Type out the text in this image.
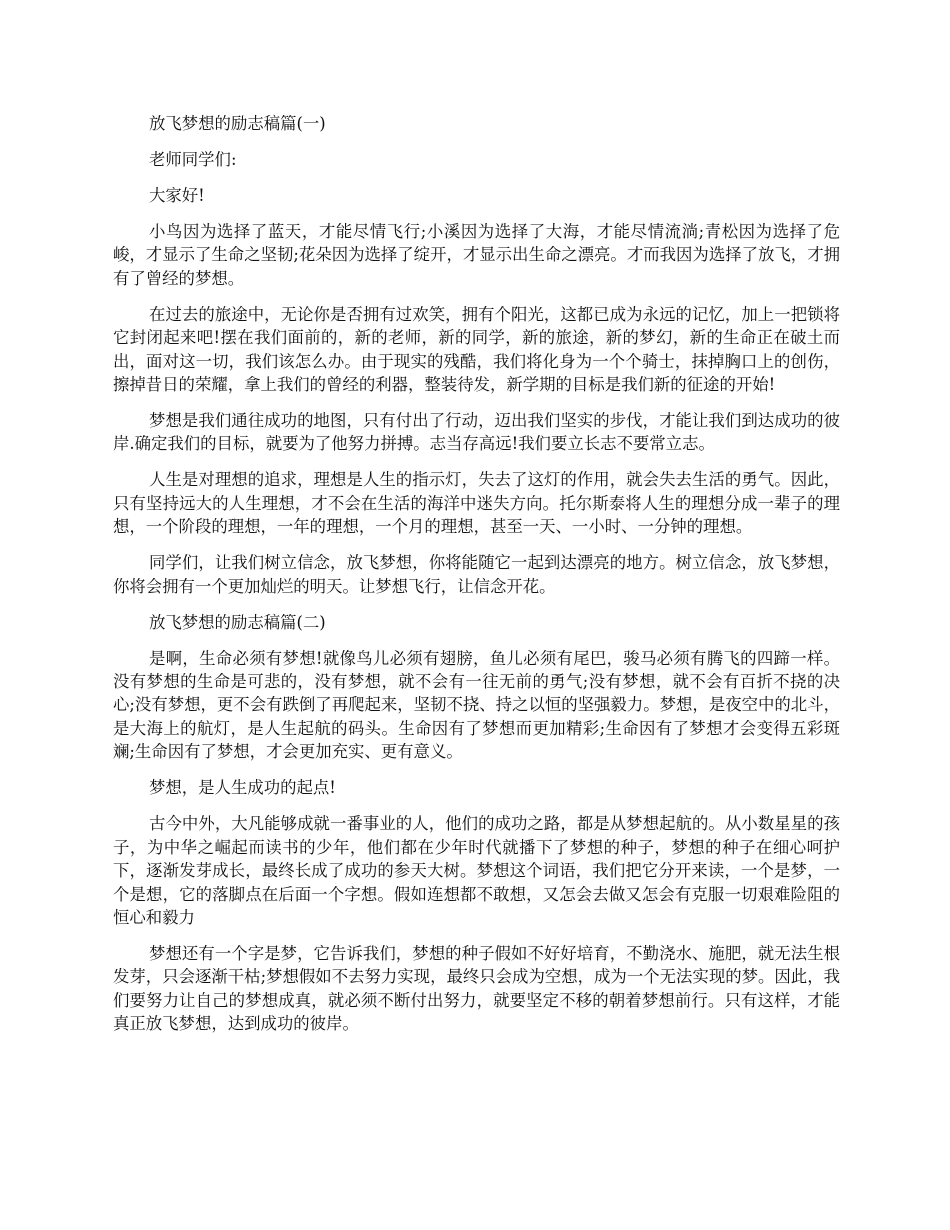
放飞梦想的励志稿篇(一)

老师同学们:

大家好!

小鸟因为选择了蓝天，才能尽情飞行;小溪因为选择了大海，才能尽情流淌;青松因为选择了危峻，才显示了生命之坚韧;花朵因为选择了绽开，才显示出生命之漂亮。才而我因为选择了放飞，才拥有了曾经的梦想。

在过去的旅途中，无论你是否拥有过欢笑，拥有个阳光，这都已成为永远的记忆，加上一把锁将它封闭起来吧!摆在我们面前的，新的老师，新的同学，新的旅途，新的梦幻，新的生命正在破土而出，面对这一切，我们该怎么办。由于现实的残酷，我们将化身为一个个骑士，抹掉胸口上的创伤，擦掉昔日的荣耀，拿上我们的曾经的利器，整装待发，新学期的目标是我们新的征途的开始!

梦想是我们通往成功的地图，只有付出了行动，迈出我们坚实的步伐，才能让我们到达成功的彼岸.确定我们的目标，就要为了他努力拼搏。志当存高远!我们要立长志不要常立志。

人生是对理想的追求，理想是人生的指示灯，失去了这灯的作用，就会失去生活的勇气。因此，只有坚持远大的人生理想，才不会在生活的海洋中迷失方向。托尔斯泰将人生的理想分成一辈子的理想，一个阶段的理想，一年的理想，一个月的理想，甚至一天、一小时、一分钟的理想。

同学们，让我们树立信念，放飞梦想，你将能随它一起到达漂亮的地方。树立信念，放飞梦想，你将会拥有一个更加灿烂的明天。让梦想飞行，让信念开花。

放飞梦想的励志稿篇(二)

是啊，生命必须有梦想!就像鸟儿必须有翅膀，鱼儿必须有尾巴，骏马必须有腾飞的四蹄一样。没有梦想的生命是可悲的，没有梦想，就不会有一往无前的勇气;没有梦想，就不会有百折不挠的决心;没有梦想，更不会有跌倒了再爬起来，坚韧不挠、持之以恒的坚强毅力。梦想，是夜空中的北斗，是大海上的航灯，是人生起航的码头。生命因有了梦想而更加精彩;生命因有了梦想才会变得五彩斑斓;生命因有了梦想，才会更加充实、更有意义。

梦想，是人生成功的起点!

古今中外，大凡能够成就一番事业的人，他们的成功之路，都是从梦想起航的。从小数星星的孩子，为中华之崛起而读书的少年，他们都在少年时代就播下了梦想的种子，梦想的种子在细心呵护下，逐渐发芽成长，最终长成了成功的参天大树。梦想这个词语，我们把它分开来读，一个是梦，一个是想，它的落脚点在后面一个字想。假如连想都不敢想，又怎会去做又怎会有克服一切艰难险阻的恒心和毅力

梦想还有一个字是梦，它告诉我们，梦想的种子假如不好好培育，不勤浇水、施肥，就无法生根发芽，只会逐渐干枯;梦想假如不去努力实现，最终只会成为空想，成为一个无法实现的梦。因此，我们要努力让自己的梦想成真，就必须不断付出努力，就要坚定不移的朝着梦想前行。只有这样，才能真正放飞梦想，达到成功的彼岸。
